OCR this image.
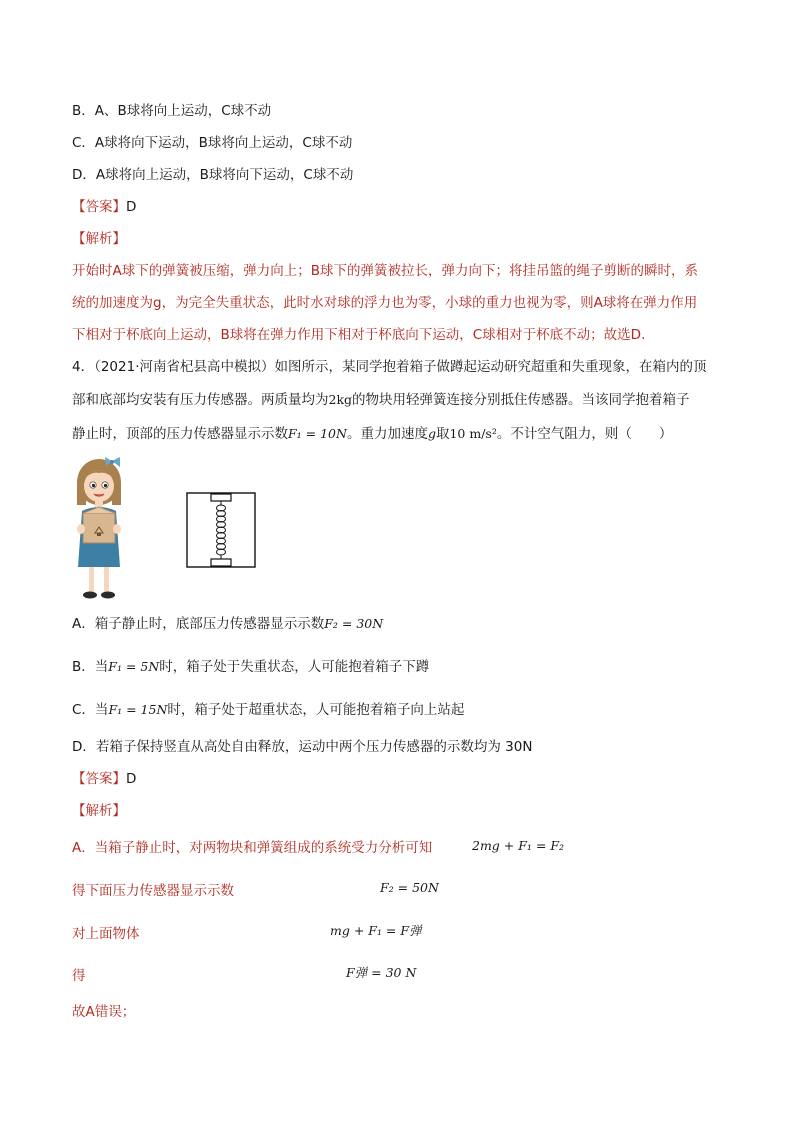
B．A、B球将向上运动，C球不动
C．A球将向下运动，B球将向上运动，C球不动
D．A球将向上运动，B球将向下运动，C球不动
【答案】D
【解析】
开始时A球下的弹簧被压缩，弹力向上；B球下的弹簧被拉长，弹力向下；将挂吊篮的绳子剪断的瞬时，系
统的加速度为g，为完全失重状态，此时水对球的浮力也为零，小球的重力也视为零，则A球将在弹力作用
下相对于杯底向上运动，B球将在弹力作用下相对于杯底向下运动，C球相对于杯底不动；故选D.
4．（2021·河南省杞县高中模拟）如图所示，某同学抱着箱子做蹲起运动研究超重和失重现象，在箱内的顶
部和底部均安装有压力传感器。两质量均为2kg的物块用轻弹簧连接分别抵住传感器。当该同学抱着箱子
静止时，顶部的压力传感器显示示数F₁ = 10N。重力加速度g取10 m/s²。不计空气阻力，则（　　）
A．箱子静止时，底部压力传感器显示示数F₂ = 30N
B．当F₁ = 5N时，箱子处于失重状态，人可能抱着箱子下蹲
C．当F₁ = 15N时，箱子处于超重状态，人可能抱着箱子向上站起
D．若箱子保持竖直从高处自由释放，运动中两个压力传感器的示数均为 30N
【答案】D
【解析】
A．当箱子静止时，对两物块和弹簧组成的系统受力分析可知	2mg + F₁ = F₂
得下面压力传感器显示示数	F₂ = 50N
对上面物体	mg + F₁ = F弹
得	F弹 = 30 N
故A错误；
